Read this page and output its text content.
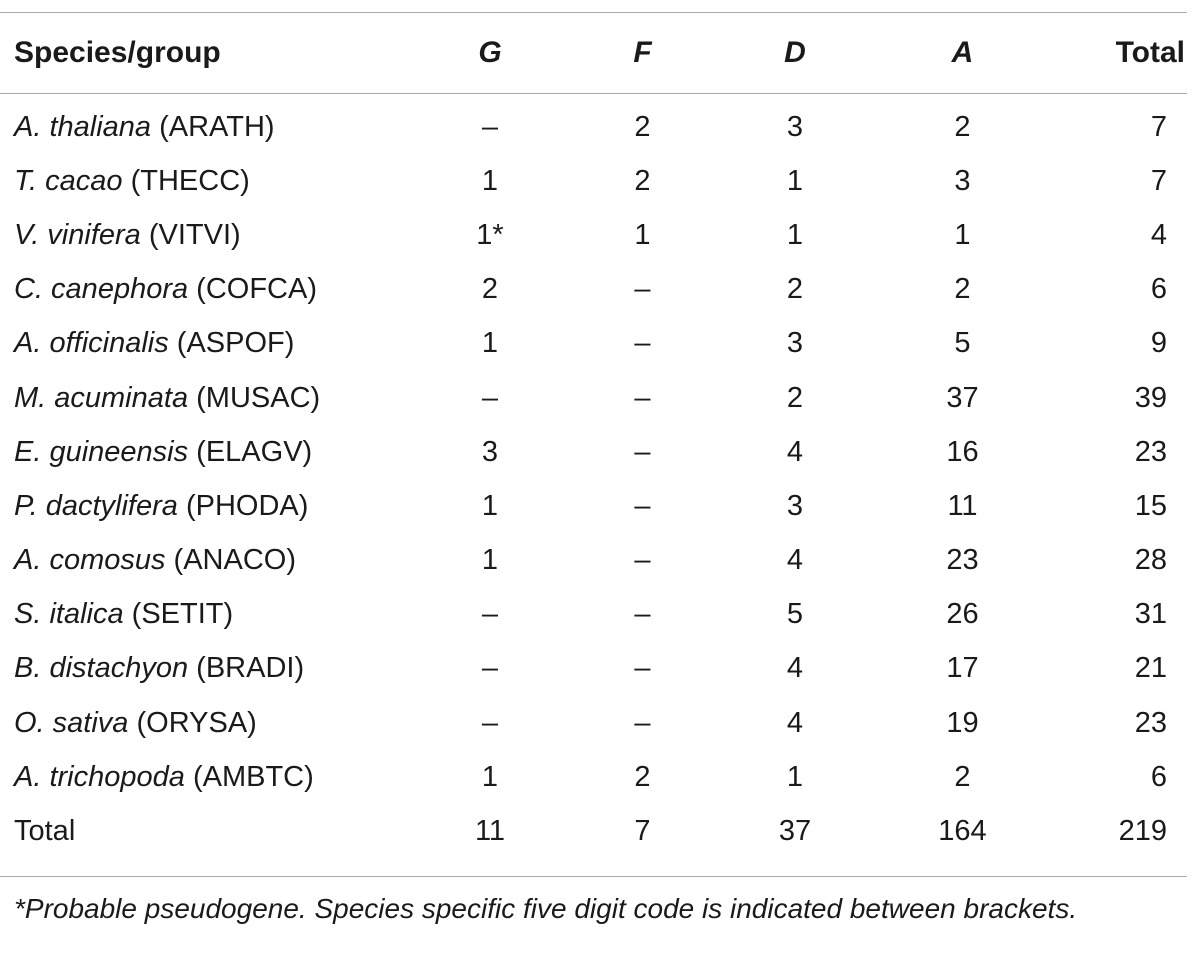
Species/group	G	F	D	A	Total
A. thaliana (ARATH)	–	2	3	2	7
T. cacao (THECC)	1	2	1	3	7
V. vinifera (VITVI)	1*	1	1	1	4
C. canephora (COFCA)	2	–	2	2	6
A. officinalis (ASPOF)	1	–	3	5	9
M. acuminata (MUSAC)	–	–	2	37	39
E. guineensis (ELAGV)	3	–	4	16	23
P. dactylifera (PHODA)	1	–	3	11	15
A. comosus (ANACO)	1	–	4	23	28
S. italica (SETIT)	–	–	5	26	31
B. distachyon (BRADI)	–	–	4	17	21
O. sativa (ORYSA)	–	–	4	19	23
A. trichopoda (AMBTC)	1	2	1	2	6
Total	11	7	37	164	219
*Probable pseudogene. Species specific five digit code is indicated between brackets.
